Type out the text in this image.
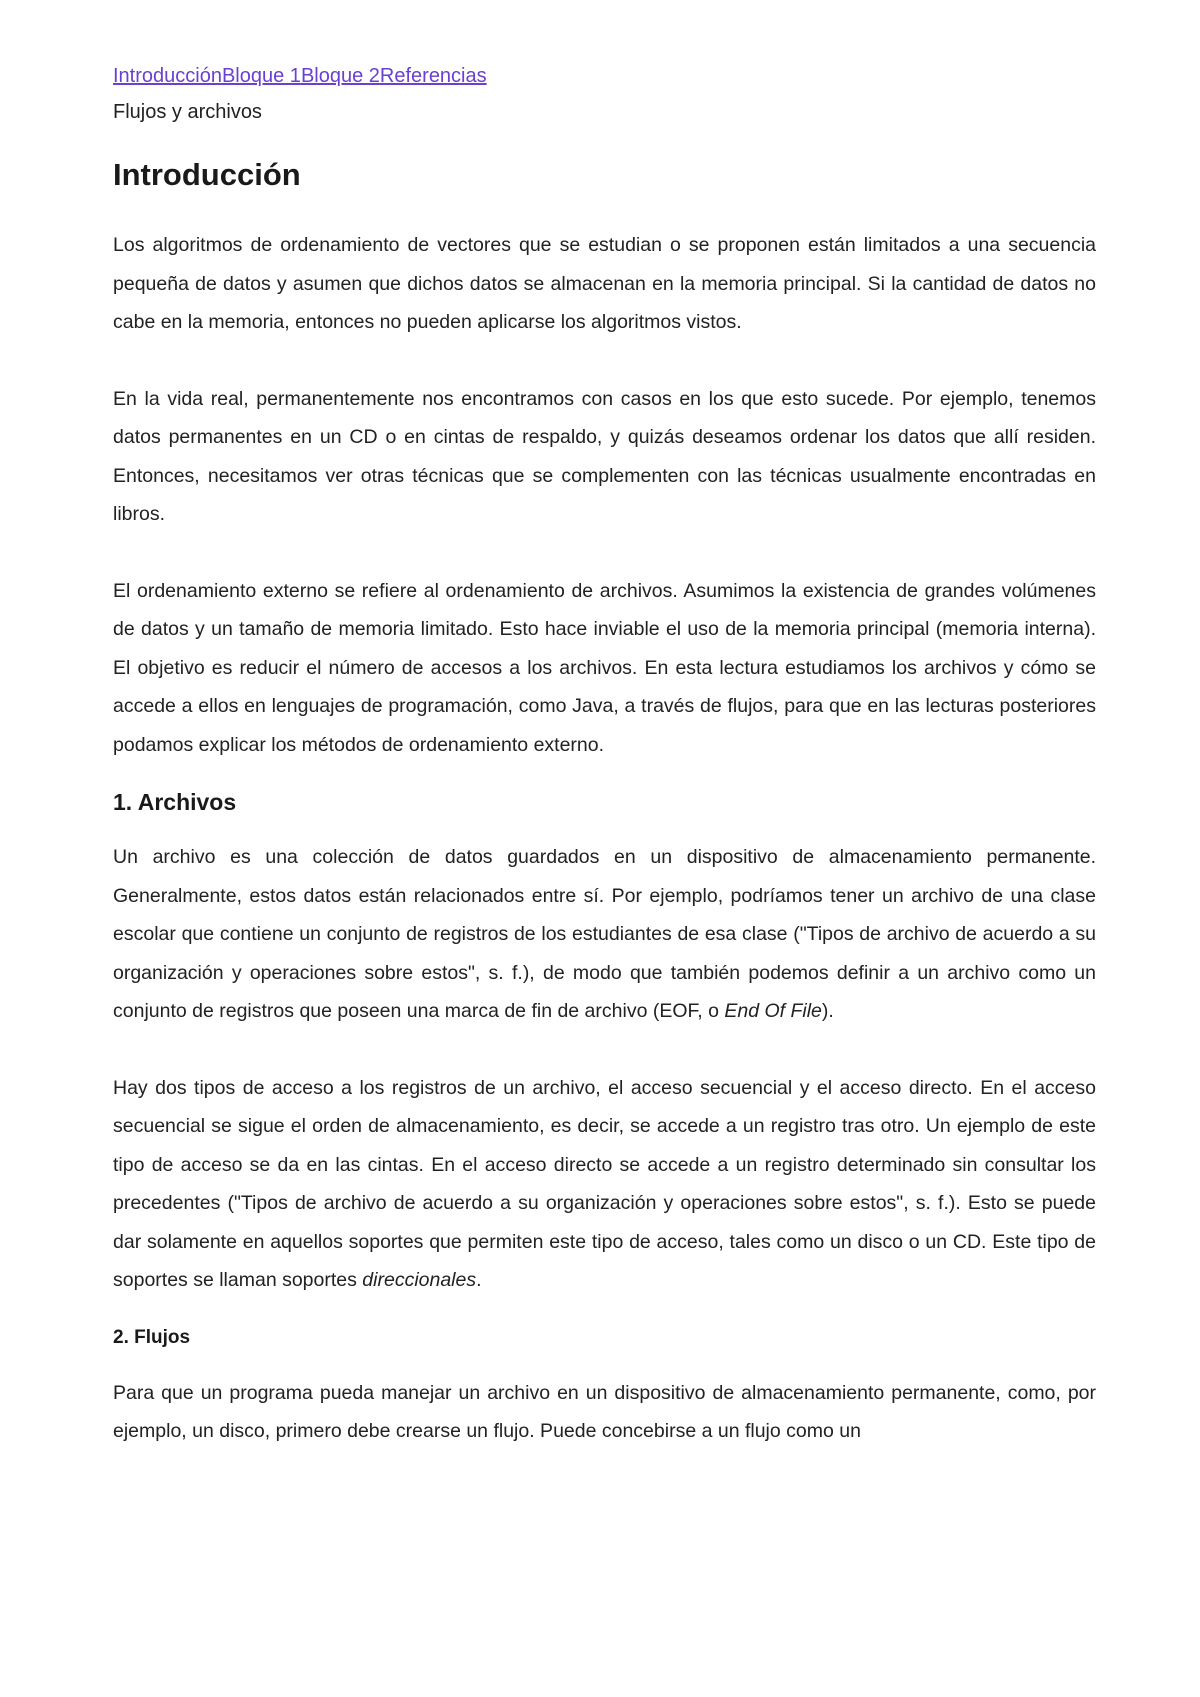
IntroducciónBloque 1Bloque 2Referencias

Flujos y archivos

Introducción

Los algoritmos de ordenamiento de vectores que se estudian o se proponen están limitados a una secuencia pequeña de datos y asumen que dichos datos se almacenan en la memoria principal. Si la cantidad de datos no cabe en la memoria, entonces no pueden aplicarse los algoritmos vistos.

En la vida real, permanentemente nos encontramos con casos en los que esto sucede. Por ejemplo, tenemos datos permanentes en un CD o en cintas de respaldo, y quizás deseamos ordenar los datos que allí residen. Entonces, necesitamos ver otras técnicas que se complementen con las técnicas usualmente encontradas en libros.

El ordenamiento externo se refiere al ordenamiento de archivos. Asumimos la existencia de grandes volúmenes de datos y un tamaño de memoria limitado. Esto hace inviable el uso de la memoria principal (memoria interna). El objetivo es reducir el número de accesos a los archivos. En esta lectura estudiamos los archivos y cómo se accede a ellos en lenguajes de programación, como Java, a través de flujos, para que en las lecturas posteriores podamos explicar los métodos de ordenamiento externo.

1. Archivos

Un archivo es una colección de datos guardados en un dispositivo de almacenamiento permanente. Generalmente, estos datos están relacionados entre sí. Por ejemplo, podríamos tener un archivo de una clase escolar que contiene un conjunto de registros de los estudiantes de esa clase ("Tipos de archivo de acuerdo a su organización y operaciones sobre estos", s. f.), de modo que también podemos definir a un archivo como un conjunto de registros que poseen una marca de fin de archivo (EOF, o End Of File).

Hay dos tipos de acceso a los registros de un archivo, el acceso secuencial y el acceso directo. En el acceso secuencial se sigue el orden de almacenamiento, es decir, se accede a un registro tras otro. Un ejemplo de este tipo de acceso se da en las cintas. En el acceso directo se accede a un registro determinado sin consultar los precedentes ("Tipos de archivo de acuerdo a su organización y operaciones sobre estos", s. f.). Esto se puede dar solamente en aquellos soportes que permiten este tipo de acceso, tales como un disco o un CD. Este tipo de soportes se llaman soportes direccionales.

2. Flujos

Para que un programa pueda manejar un archivo en un dispositivo de almacenamiento permanente, como, por ejemplo, un disco, primero debe crearse un flujo. Puede concebirse a un flujo como un
